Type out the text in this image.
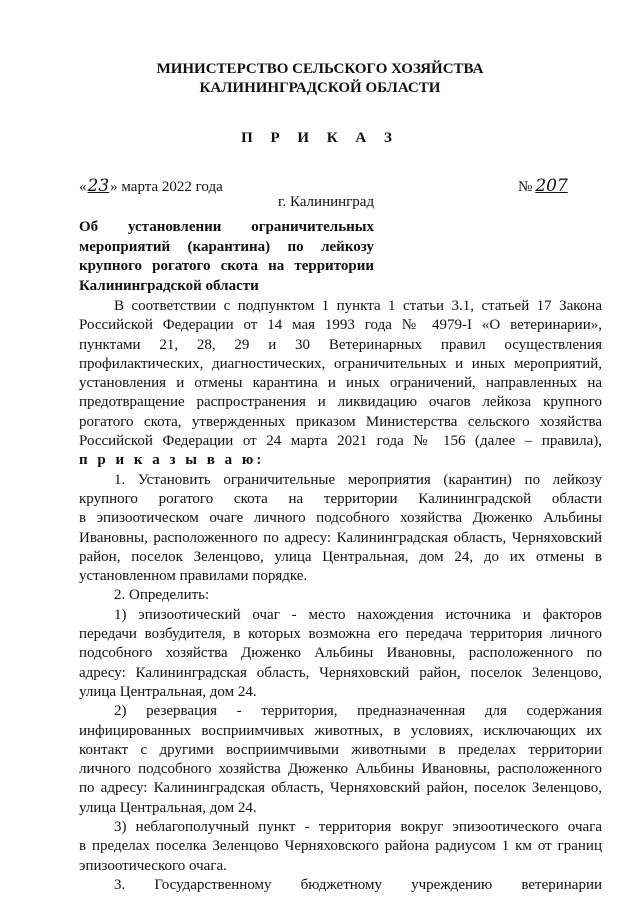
МИНИСТЕРСТВО СЕЛЬСКОГО ХОЗЯЙСТВА
КАЛИНИНГРАДСКОЙ ОБЛАСТИ
П Р И К А З
«23» марта 2022 года	№ 207
г. Калининград
Об установлении ограничительных
мероприятий (карантина) по лейкозу
крупного рогатого скота на территории
Калининградской области
В соответствии с подпунктом 1 пункта 1 статьи 3.1, статьей 17 Закона
Российской Федерации от 14 мая 1993 года № 4979-I «О ветеринарии»,
пунктами 21, 28, 29 и 30 Ветеринарных правил осуществления
профилактических, диагностических, ограничительных и иных мероприятий,
установления и отмены карантина и иных ограничений, направленных на
предотвращение распространения и ликвидацию очагов лейкоза крупного
рогатого скота, утвержденных приказом Министерства сельского хозяйства
Российской Федерации от 24 марта 2021 года № 156 (далее – правила),
п р и к а з ы в а ю:
1. Установить ограничительные мероприятия (карантин) по лейкозу
крупного рогатого скота на территории Калининградской области
в эпизоотическом очаге личного подсобного хозяйства Дюженко Альбины
Ивановны, расположенного по адресу: Калининградская область, Черняховский
район, поселок Зеленцово, улица Центральная, дом 24, до их отмены в
установленном правилами порядке.
2. Определить:
1) эпизоотический очаг - место нахождения источника и факторов
передачи возбудителя, в которых возможна его передача территория личного
подсобного хозяйства Дюженко Альбины Ивановны, расположенного по
адресу: Калининградская область, Черняховский район, поселок Зеленцово,
улица Центральная, дом 24.
2) резервация - территория, предназначенная для содержания
инфицированных восприимчивых животных, в условиях, исключающих их
контакт с другими восприимчивыми животными в пределах территории
личного подсобного хозяйства Дюженко Альбины Ивановны, расположенного
по адресу: Калининградская область, Черняховский район, поселок Зеленцово,
улица Центральная, дом 24.
3) неблагополучный пункт - территория вокруг эпизоотического очага
в пределах поселка Зеленцово Черняховского района радиусом 1 км от границ
эпизоотического очага.
3. Государственному бюджетному учреждению ветеринарии
